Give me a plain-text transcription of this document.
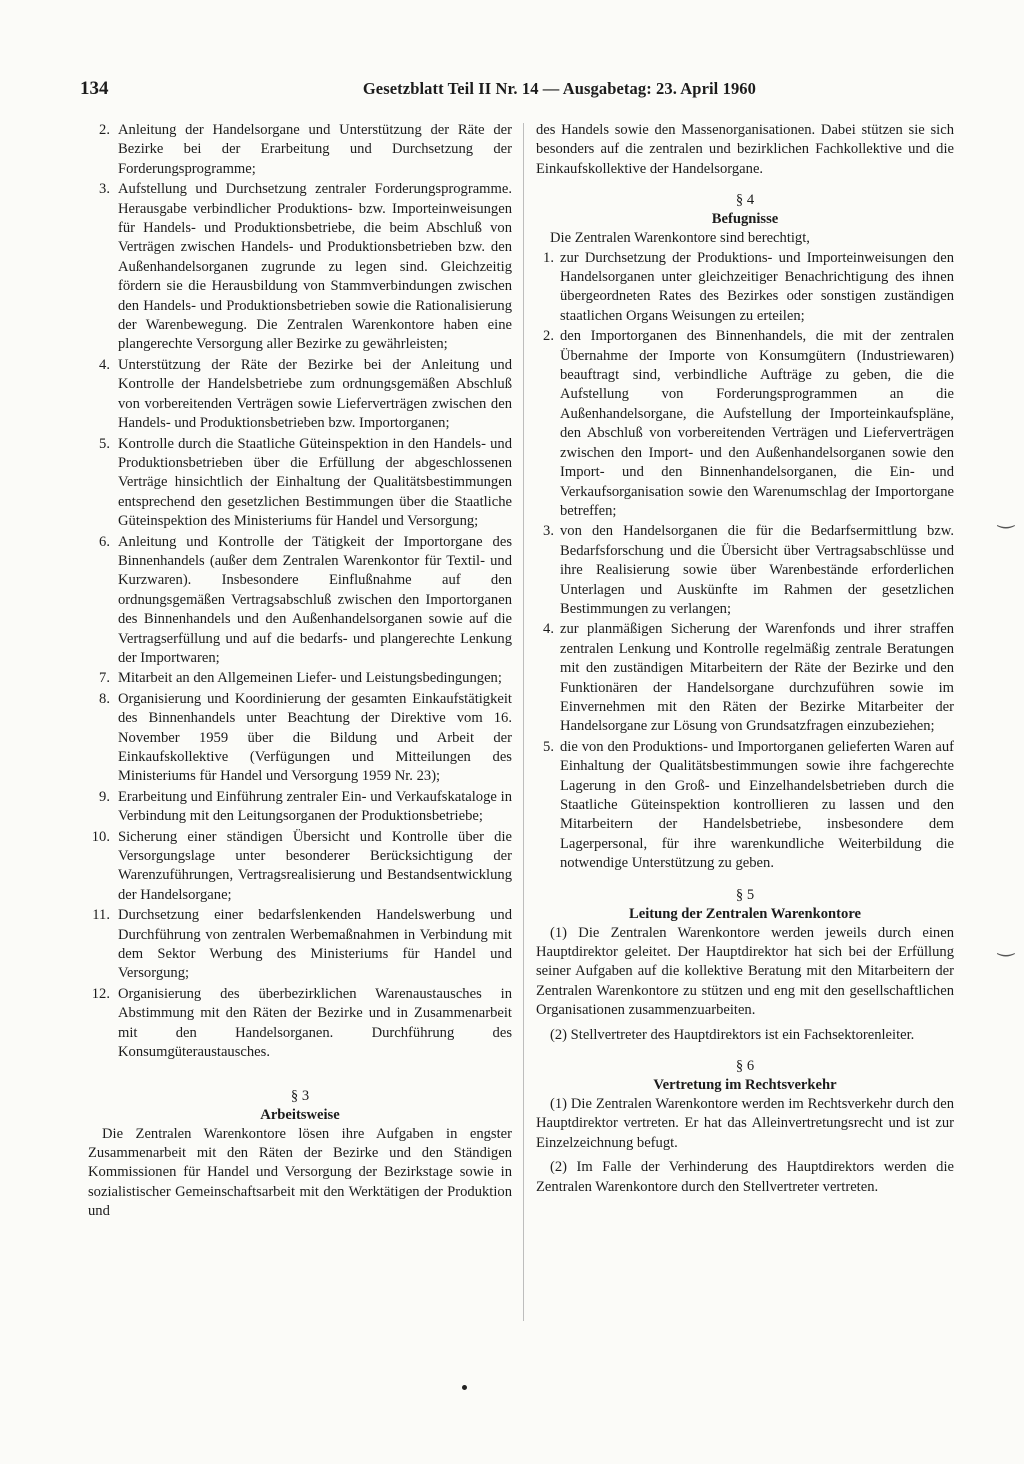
134	Gesetzblatt Teil II Nr. 14 — Ausgabetag: 23. April 1960
2. Anleitung der Handelsorgane und Unterstützung der Räte der Bezirke bei der Erarbeitung und Durchsetzung der Forderungsprogramme;
3. Aufstellung und Durchsetzung zentraler Forderungsprogramme. Herausgabe verbindlicher Produktions- bzw. Importeinweisungen für Handels- und Produktionsbetriebe, die beim Abschluß von Verträgen zwischen Handels- und Produktionsbetrieben bzw. den Außenhandelsorganen zugrunde zu legen sind. Gleichzeitig fördern sie die Herausbildung von Stammverbindungen zwischen den Handels- und Produktionsbetrieben sowie die Rationalisierung der Warenbewegung. Die Zentralen Warenkontore haben eine plangerechte Versorgung aller Bezirke zu gewährleisten;
4. Unterstützung der Räte der Bezirke bei der Anleitung und Kontrolle der Handelsbetriebe zum ordnungsgemäßen Abschluß von vorbereitenden Verträgen sowie Lieferverträgen zwischen den Handels- und Produktionsbetrieben bzw. Importorganen;
5. Kontrolle durch die Staatliche Güteinspektion in den Handels- und Produktionsbetrieben über die Erfüllung der abgeschlossenen Verträge hinsichtlich der Einhaltung der Qualitätsbestimmungen entsprechend den gesetzlichen Bestimmungen über die Staatliche Güteinspektion des Ministeriums für Handel und Versorgung;
6. Anleitung und Kontrolle der Tätigkeit der Importorgane des Binnenhandels (außer dem Zentralen Warenkontor für Textil- und Kurzwaren). Insbesondere Einflußnahme auf den ordnungsgemäßen Vertragsabschluß zwischen den Importorganen des Binnenhandels und den Außenhandelsorganen sowie auf die Vertragserfüllung und auf die bedarfs- und plangerechte Lenkung der Importwaren;
7. Mitarbeit an den Allgemeinen Liefer- und Leistungsbedingungen;
8. Organisierung und Koordinierung der gesamten Einkaufstätigkeit des Binnenhandels unter Beachtung der Direktive vom 16. November 1959 über die Bildung und Arbeit der Einkaufskollektive (Verfügungen und Mitteilungen des Ministeriums für Handel und Versorgung 1959 Nr. 23);
9. Erarbeitung und Einführung zentraler Ein- und Verkaufskataloge in Verbindung mit den Leitungsorganen der Produktionsbetriebe;
10. Sicherung einer ständigen Übersicht und Kontrolle über die Versorgungslage unter besonderer Berücksichtigung der Warenzuführungen, Vertragsrealisierung und Bestandsentwicklung der Handelsorgane;
11. Durchsetzung einer bedarfslenkenden Handelswerbung und Durchführung von zentralen Werbemaßnahmen in Verbindung mit dem Sektor Werbung des Ministeriums für Handel und Versorgung;
12. Organisierung des überbezirklichen Warenaustausches in Abstimmung mit den Räten der Bezirke und in Zusammenarbeit mit den Handelsorganen. Durchführung des Konsumgüteraustausches.
§ 3
Arbeitsweise
Die Zentralen Warenkontore lösen ihre Aufgaben in engster Zusammenarbeit mit den Räten der Bezirke und den Ständigen Kommissionen für Handel und Versorgung der Bezirkstage sowie in sozialistischer Gemeinschaftsarbeit mit den Werktätigen der Produktion und
des Handels sowie den Massenorganisationen. Dabei stützen sie sich besonders auf die zentralen und bezirklichen Fachkollektive und die Einkaufskollektive der Handelsorgane.
§ 4
Befugnisse
Die Zentralen Warenkontore sind berechtigt,
1. zur Durchsetzung der Produktions- und Importeinweisungen den Handelsorganen unter gleichzeitiger Benachrichtigung des ihnen übergeordneten Rates des Bezirkes oder sonstigen zuständigen staatlichen Organs Weisungen zu erteilen;
2. den Importorganen des Binnenhandels, die mit der zentralen Übernahme der Importe von Konsumgütern (Industriewaren) beauftragt sind, verbindliche Aufträge zu geben, die die Aufstellung von Forderungsprogrammen an die Außenhandelsorgane, die Aufstellung der Importeinkaufspläne, den Abschluß von vorbereitenden Verträgen und Lieferverträgen zwischen den Import- und den Außenhandelsorganen sowie den Import- und den Binnenhandelsorganen, die Ein- und Verkaufsorganisation sowie den Warenumschlag der Importorgane betreffen;
3. von den Handelsorganen die für die Bedarfsermittlung bzw. Bedarfsforschung und die Übersicht über Vertragsabschlüsse und ihre Realisierung sowie über Warenbestände erforderlichen Unterlagen und Auskünfte im Rahmen der gesetzlichen Bestimmungen zu verlangen;
4. zur planmäßigen Sicherung der Warenfonds und ihrer straffen zentralen Lenkung und Kontrolle regelmäßig zentrale Beratungen mit den zuständigen Mitarbeitern der Räte der Bezirke und den Funktionären der Handelsorgane durchzuführen sowie im Einvernehmen mit den Räten der Bezirke Mitarbeiter der Handelsorgane zur Lösung von Grundsatzfragen einzubeziehen;
5. die von den Produktions- und Importorganen gelieferten Waren auf Einhaltung der Qualitätsbestimmungen sowie ihre fachgerechte Lagerung in den Groß- und Einzelhandelsbetrieben durch die Staatliche Güteinspektion kontrollieren zu lassen und den Mitarbeitern der Handelsbetriebe, insbesondere dem Lagerpersonal, für ihre warenkundliche Weiterbildung die notwendige Unterstützung zu geben.
§ 5
Leitung der Zentralen Warenkontore
(1) Die Zentralen Warenkontore werden jeweils durch einen Hauptdirektor geleitet. Der Hauptdirektor hat sich bei der Erfüllung seiner Aufgaben auf die kollektive Beratung mit den Mitarbeitern der Zentralen Warenkontore zu stützen und eng mit den gesellschaftlichen Organisationen zusammenzuarbeiten.
(2) Stellvertreter des Hauptdirektors ist ein Fachsektorenleiter.
§ 6
Vertretung im Rechtsverkehr
(1) Die Zentralen Warenkontore werden im Rechtsverkehr durch den Hauptdirektor vertreten. Er hat das Alleinvertretungsrecht und ist zur Einzelzeichnung befugt.
(2) Im Falle der Verhinderung des Hauptdirektors werden die Zentralen Warenkontore durch den Stellvertreter vertreten.
‿
‿
